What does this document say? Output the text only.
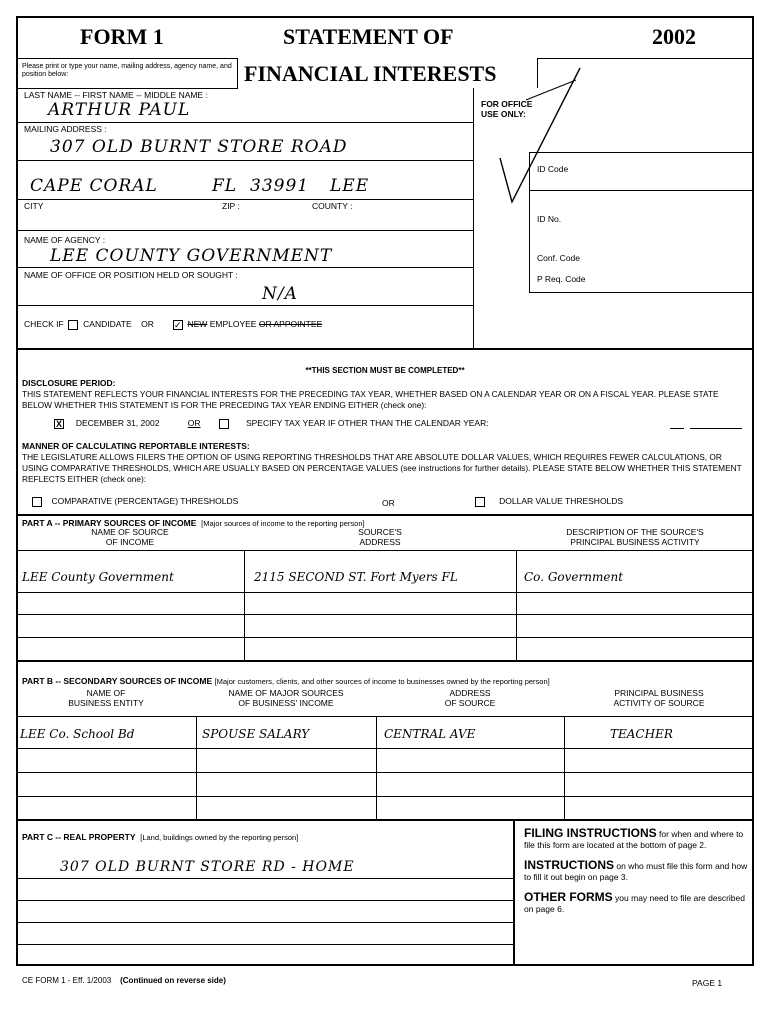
FORM 1	STATEMENT OF	2002
Please print or type your name, mailing address, agency name, and position below:	FINANCIAL INTERESTS
LAST NAME -- FIRST NAME -- MIDDLE NAME :
ARTHUR PAUL
MAILING ADDRESS :
307 OLD BURNT STORE ROAD
CAPE CORAL	FL 33991 LEE
CITY	ZIP :	COUNTY :
NAME OF AGENCY :
LEE COUNTY GOVERNMENT
NAME OF OFFICE OR POSITION HELD OR SOUGHT :
N/A
CHECK IF CANDIDATE OR ✓ NEW EMPLOYEE OR APPOINTEE
FOR OFFICE
USE ONLY:
ID Code
ID No.
Conf. Code
P Req. Code
**THIS SECTION MUST BE COMPLETED**
DISCLOSURE PERIOD:
THIS STATEMENT REFLECTS YOUR FINANCIAL INTERESTS FOR THE PRECEDING TAX YEAR, WHETHER BASED ON A CALENDAR YEAR OR ON A FISCAL YEAR. PLEASE STATE BELOW WHETHER THIS STATEMENT IS FOR THE PRECEDING TAX YEAR ENDING EITHER (check one):
X DECEMBER 31, 2002	OR	SPECIFY TAX YEAR IF OTHER THAN THE CALENDAR YEAR:
MANNER OF CALCULATING REPORTABLE INTERESTS:
THE LEGISLATURE ALLOWS FILERS THE OPTION OF USING REPORTING THRESHOLDS THAT ARE ABSOLUTE DOLLAR VALUES, WHICH REQUIRES FEWER CALCULATIONS, OR USING COMPARATIVE THRESHOLDS, WHICH ARE USUALLY BASED ON PERCENTAGE VALUES (see instructions for further details). PLEASE STATE BELOW WHETHER THIS STATEMENT REFLECTS EITHER (check one):
COMPARATIVE (PERCENTAGE) THRESHOLDS	OR	DOLLAR VALUE THRESHOLDS
PART A -- PRIMARY SOURCES OF INCOME [Major sources of income to the reporting person]
NAME OF SOURCE
OF INCOME
SOURCE'S
ADDRESS
DESCRIPTION OF THE SOURCE'S
PRINCIPAL BUSINESS ACTIVITY
LEE County Government	2115 SECOND ST. Fort Myers FL	Co. Government
PART B -- SECONDARY SOURCES OF INCOME [Major customers, clients, and other sources of income to businesses owned by the reporting person]
NAME OF
BUSINESS ENTITY
NAME OF MAJOR SOURCES
OF BUSINESS' INCOME
ADDRESS
OF SOURCE
PRINCIPAL BUSINESS
ACTIVITY OF SOURCE
LEE Co. School Bd	SPOUSE SALARY	CENTRAL AVE	TEACHER
PART C -- REAL PROPERTY [Land, buildings owned by the reporting person]
307 OLD BURNT STORE RD - HOME
FILING INSTRUCTIONS for when and where to file this form are located at the bottom of page 2.
INSTRUCTIONS on who must file this form and how to fill it out begin on page 3.
OTHER FORMS you may need to file are described on page 6.
CE FORM 1 - Eff. 1/2003 (Continued on reverse side)	PAGE 1
